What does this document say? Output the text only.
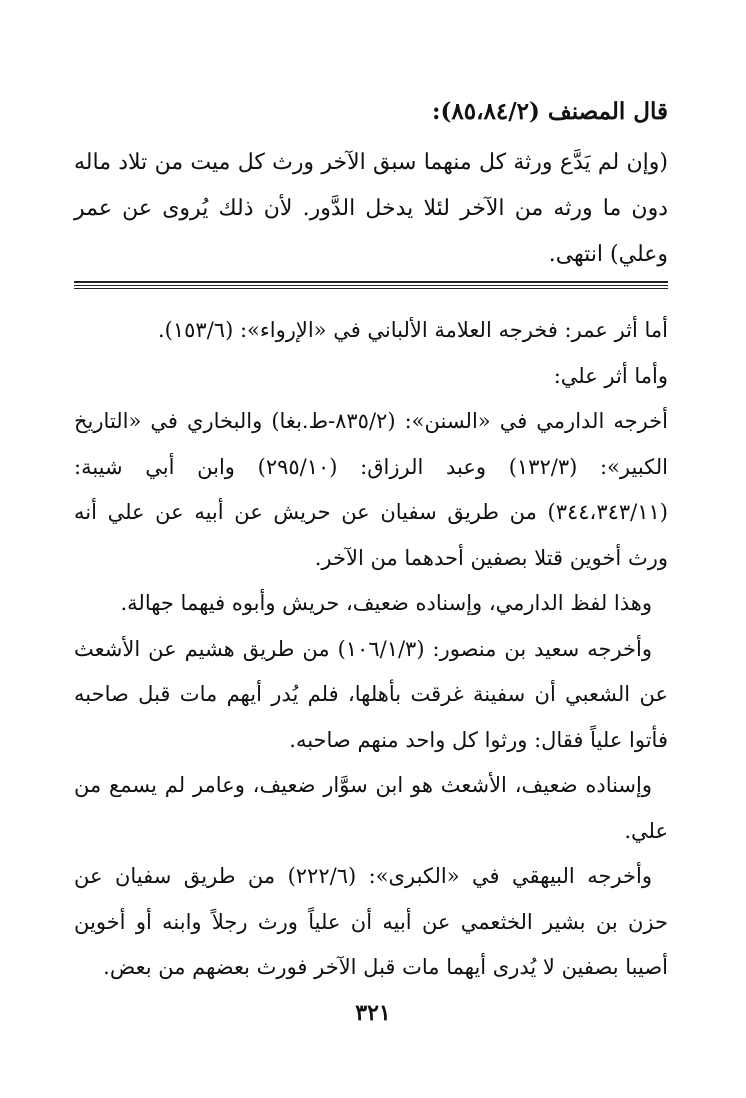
قال المصنف (٨٥،٨٤/٢):
(وإن لم يَدَّع ورثة كل منهما سبق الآخر ورث كل ميت من تلاد ماله دون ما ورثه من الآخر لئلا يدخل الدَّور. لأن ذلك يُروى عن عمر وعلي) انتهى.

أما أثر عمر: فخرجه العلامة الألباني في «الإرواء»: (١٥٣/٦).

وأما أثر علي:

أخرجه الدارمي في «السنن»: (٨٣٥/٢-ط.بغا) والبخاري في «التاريخ الكبير»: (١٣٢/٣) وعبد الرزاق: (٢٩٥/١٠) وابن أبي شيبة: (٣٤٤،٣٤٣/١١) من طريق سفيان عن حريش عن أبيه عن علي أنه ورث أخوين قتلا بصفين أحدهما من الآخر.

وهذا لفظ الدارمي، وإسناده ضعيف، حريش وأبوه فيهما جهالة.

وأخرجه سعيد بن منصور: (١٠٦/١/٣) من طريق هشيم عن الأشعث عن الشعبي أن سفينة غرقت بأهلها، فلم يُدر أيهم مات قبل صاحبه فأتوا علياً فقال: ورثوا كل واحد منهم صاحبه.

وإسناده ضعيف، الأشعث هو ابن سوَّار ضعيف، وعامر لم يسمع من علي.

وأخرجه البيهقي في «الكبرى»: (٢٢٢/٦) من طريق سفيان عن حزن بن بشير الخثعمي عن أبيه أن علياً ورث رجلاً وابنه أو أخوين أصيبا بصفين لا يُدرى أيهما مات قبل الآخر فورث بعضهم من بعض.

٣٢١
